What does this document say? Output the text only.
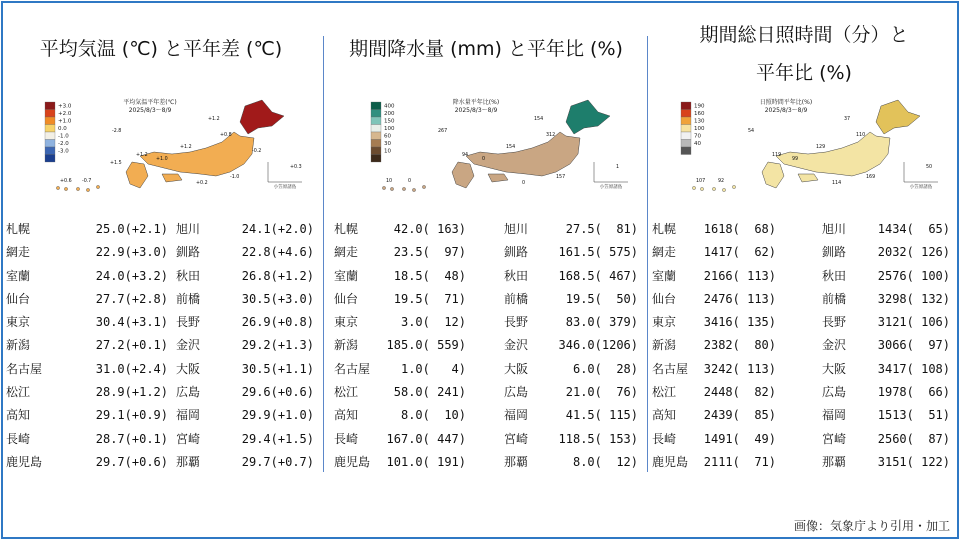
平均気温 (℃) と平年差 (℃)
+3.0
+2.0
+1.0
0.0
-1.0
-2.0
-3.0
平均気温平年差(℃)
2025/8/3～8/9
小笠原諸島
+1.2
-2.8
+0.8
+1.2
+1.0
+1.2
-1.0
+0.2
+0.6 -0.7
+0.3
-0.2
+1.5
札幌	25.0(+2.1) 旭川	24.1(+2.0)
網走	22.9(+3.0) 釧路	22.8(+4.6)
室蘭	24.0(+3.2) 秋田	26.8(+1.2)
仙台	27.7(+2.8) 前橋	30.5(+3.0)
東京	30.4(+3.1) 長野	26.9(+0.8)
新潟	27.2(+0.1) 金沢	29.2(+1.3)
名古屋	31.0(+2.4) 大阪	30.5(+1.1)
松江	28.9(+1.2) 広島	29.6(+0.6)
高知	29.1(+0.9) 福岡	29.9(+1.0)
長崎	28.7(+0.1) 宮崎	29.4(+1.5)
鹿児島	29.7(+0.6) 那覇	29.7(+0.7)
期間降水量 (mm) と平年比 (%)
400
200
150
100
60
30
10
降水量平年比(%)
2025/8/3～8/9
小笠原諸島
154
267
312
154
0
94
157
0
10	0
1
札幌	42.0( 163)	旭川	27.5(  81)
網走	23.5(  97)	釧路	161.5( 575)
室蘭	18.5(  48)	秋田	168.5( 467)
仙台	19.5(  71)	前橋	19.5(  50)
東京	3.0(  12)	長野	83.0( 379)
新潟 185.0( 559)	金沢	346.0(1206)
名古屋	1.0(   4)	大阪	6.0(  28)
松江	58.0( 241)	広島	21.0(  76)
高知	8.0(  10)	福岡	41.5( 115)
長崎 167.0( 447)	宮崎	118.5( 153)
鹿児島 101.0( 191)	那覇	8.0(  12)
期間総日照時間（分）と
平年比 (%)
190
160
130
100
70
40
日照時間平年比(%)
2025/8/3～8/9
小笠原諸島
37
54
110
129
99
119
169
114
107	92
50
札幌 1618(  68)	旭川	1434(  65)
網走 1417(  62)	釧路	2032( 126)
室蘭 2166( 113)	秋田	2576( 100)
仙台 2476( 113)	前橋	3298( 132)
東京 3416( 135)	長野	3121( 106)
新潟 2382(  80)	金沢	3066(  97)
名古屋 3242( 113)	大阪	3417( 108)
松江 2448(  82)	広島	1978(  66)
高知 2439(  85)	福岡	1513(  51)
長崎 1491(  49)	宮崎	2560(  87)
鹿児島 2111(  71)	那覇	3151( 122)
画像：気象庁より引用・加工
